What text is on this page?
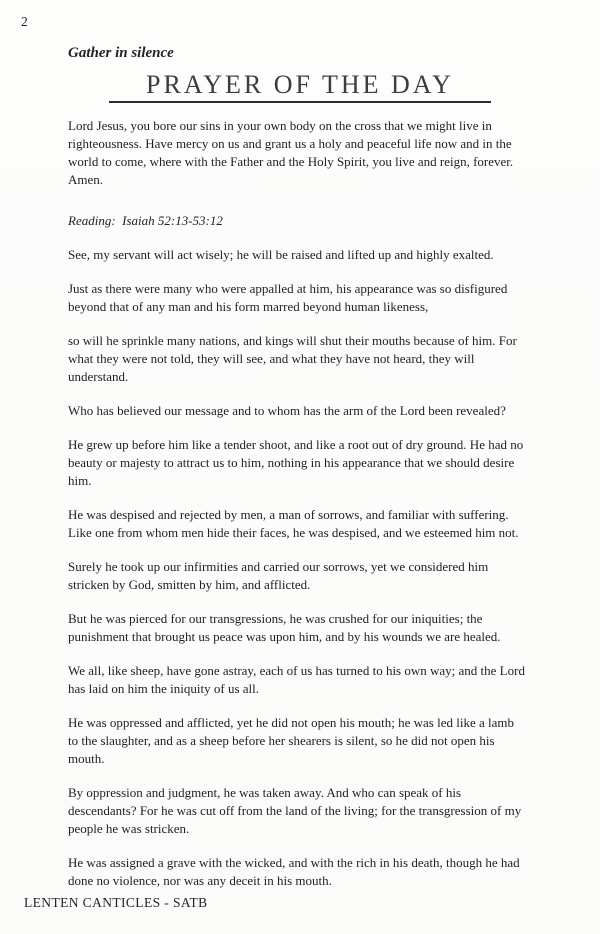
2
Gather in silence
PRAYER OF THE DAY

Lord Jesus, you bore our sins in your own body on the cross that we might live in righteousness. Have mercy on us and grant us a holy and peaceful life now and in the world to come, where with the Father and the Holy Spirit, you live and reign, forever. Amen.

Reading:  Isaiah 52:13-53:12

See, my servant will act wisely; he will be raised and lifted up and highly exalted.

Just as there were many who were appalled at him, his appearance was so disfigured beyond that of any man and his form marred beyond human likeness,

so will he sprinkle many nations, and kings will shut their mouths because of him. For what they were not told, they will see, and what they have not heard, they will understand.

Who has believed our message and to whom has the arm of the Lord been revealed?

He grew up before him like a tender shoot, and like a root out of dry ground. He had no beauty or majesty to attract us to him, nothing in his appearance that we should desire him.

He was despised and rejected by men, a man of sorrows, and familiar with suffering. Like one from whom men hide their faces, he was despised, and we esteemed him not.

Surely he took up our infirmities and carried our sorrows, yet we considered him stricken by God, smitten by him, and afflicted.

But he was pierced for our transgressions, he was crushed for our iniquities; the punishment that brought us peace was upon him, and by his wounds we are healed.

We all, like sheep, have gone astray, each of us has turned to his own way; and the Lord has laid on him the iniquity of us all.

He was oppressed and afflicted, yet he did not open his mouth; he was led like a lamb to the slaughter, and as a sheep before her shearers is silent, so he did not open his mouth.

By oppression and judgment, he was taken away. And who can speak of his descendants? For he was cut off from the land of the living; for the transgression of my people he was stricken.

He was assigned a grave with the wicked, and with the rich in his death, though he had done no violence, nor was any deceit in his mouth.

LENTEN CANTICLES - SATB
